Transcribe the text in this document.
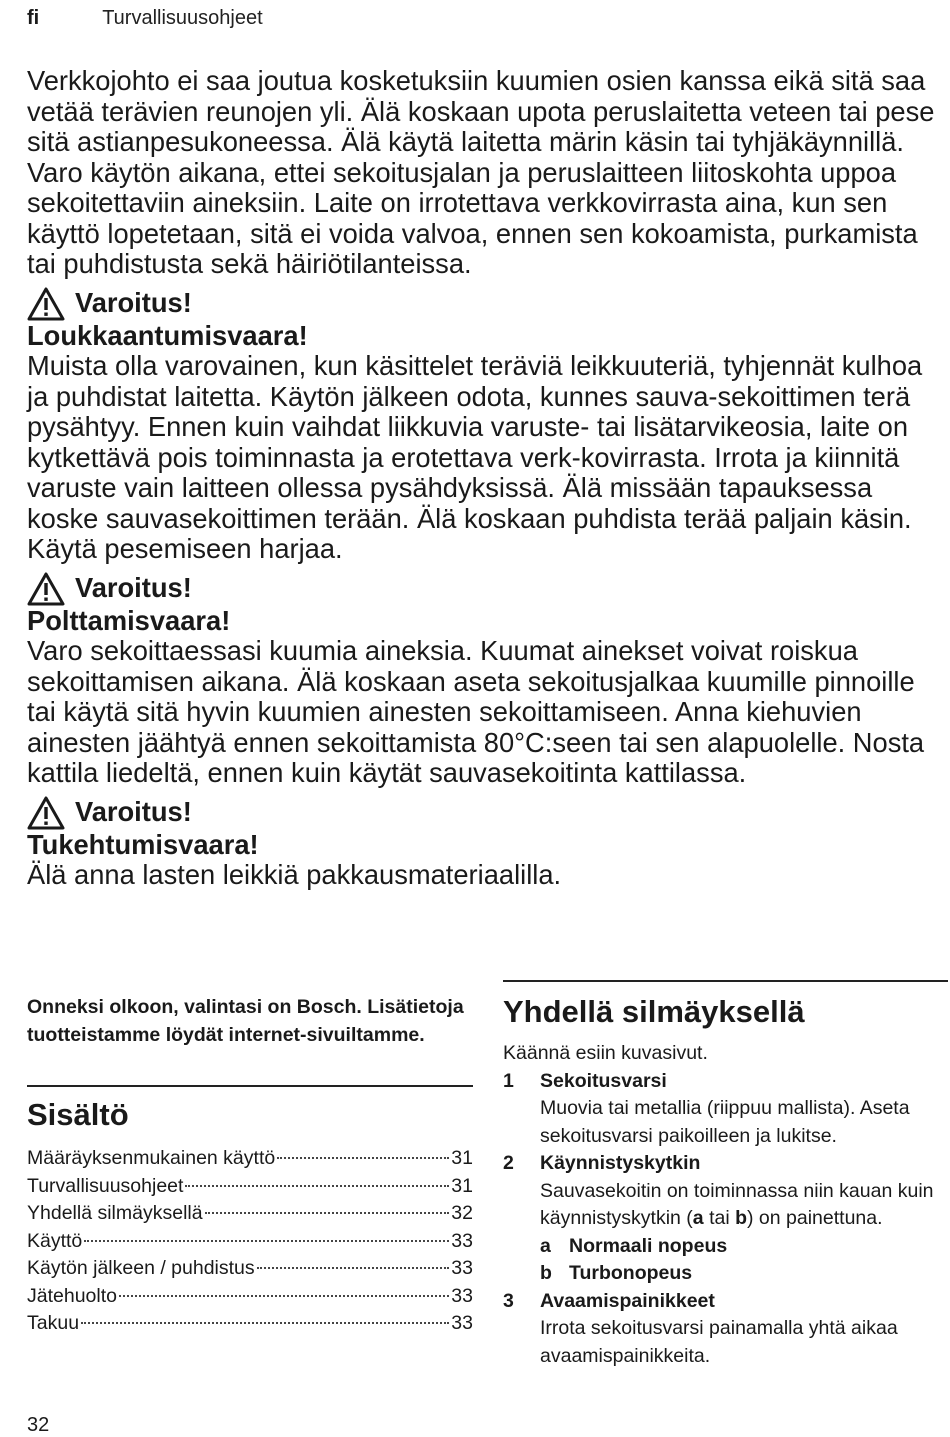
fi	Turvallisuusohjeet

Verkkojohto ei saa joutua kosketuksiin kuumien osien kanssa eikä sitä saa vetää terävien reunojen yli. Älä koskaan upota peruslaitetta veteen tai pese sitä astianpesukoneessa. Älä käytä laitetta märin käsin tai tyhjäkäynnillä. Varo käytön aikana, ettei sekoitusjalan ja peruslaitteen liitoskohta uppoa sekoitettaviin aineksiin. Laite on irrotettava verkkovirrasta aina, kun sen käyttö lopetetaan, sitä ei voida valvoa, ennen sen kokoamista, purkamista tai puhdistusta sekä häiriötilanteissa.

Varoitus!
Loukkaantumisvaara!

Muista olla varovainen, kun käsittelet teräviä leikkuuteriä, tyhjennät kulhoa ja puhdistat laitetta. Käytön jälkeen odota, kunnes sauva-sekoittimen terä pysähtyy. Ennen kuin vaihdat liikkuvia varuste- tai lisätarvikeosia, laite on kytkettävä pois toiminnasta ja erotettava verk-kovirrasta. Irrota ja kiinnitä varuste vain laitteen ollessa pysähdyksissä. Älä missään tapauksessa koske sauvasekoittimen terään. Älä koskaan puhdista terää paljain käsin. Käytä pesemiseen harjaa.

Varoitus!
Polttamisvaara!

Varo sekoittaessasi kuumia aineksia. Kuumat ainekset voivat roiskua sekoittamisen aikana. Älä koskaan aseta sekoitusjalkaa kuumille pinnoille tai käytä sitä hyvin kuumien ainesten sekoittamiseen. Anna kiehuvien ainesten jäähtyä ennen sekoittamista 80°C:seen tai sen alapuolelle. Nosta kattila liedeltä, ennen kuin käytät sauvasekoitinta kattilassa.

Varoitus!
Tukehtumisvaara!

Älä anna lasten leikkiä pakkausmateriaalilla.

Onneksi olkoon, valintasi on Bosch. Lisätietoja tuotteistamme löydät internet-sivuiltamme.

Sisältö
Määräyksenmukainen käyttö	31
Turvallisuusohjeet	31
Yhdellä silmäyksellä	32
Käyttö	33
Käytön jälkeen / puhdistus	33
Jätehuolto	33
Takuu	33
Yhdellä silmäyksellä
Käännä esiin kuvasivut.
1	Sekoitusvarsi
Muovia tai metallia (riippuu mallista). Aseta sekoitusvarsi paikoilleen ja lukitse.
2	Käynnistyskytkin
Sauvasekoitin on toiminnassa niin kauan kuin käynnistyskytkin (a tai b) on painettuna.
a Normaali nopeus
b Turbonopeus
3	Avaamispainikkeet
Irrota sekoitusvarsi painamalla yhtä aikaa avaamispainikkeita.
32
